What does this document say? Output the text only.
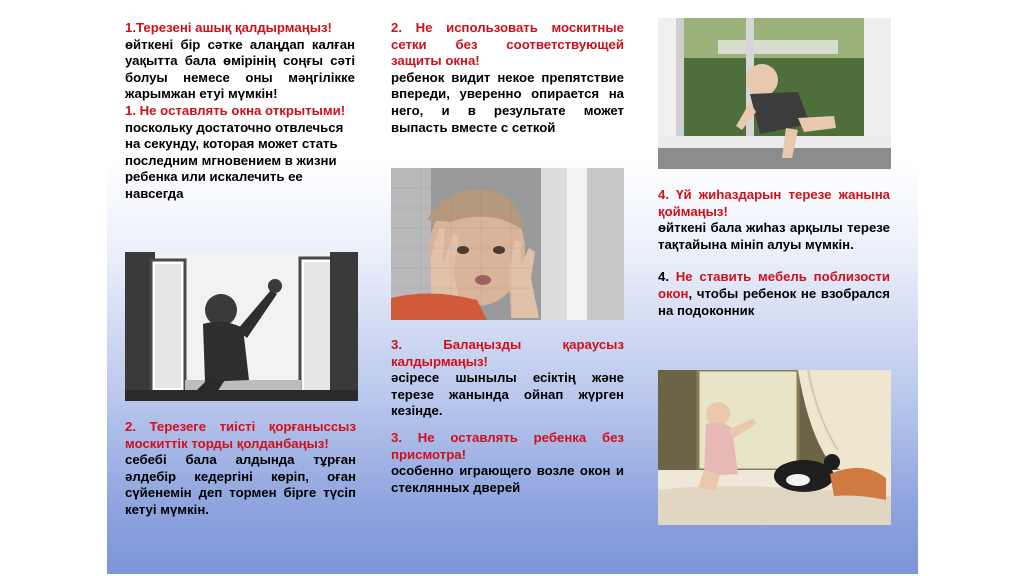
1.Терезені ашық қалдырмаңыз!
өйткені бір сәтке алаңдап калған уақытта бала өмірінің соңғы сәті болуы немесе оны мәңгілікке жарымжан етуі мүмкін!

1. Не оставлять окна открытыми!

поскольку достаточно отвлечься на секунду, которая может стать последним мгновением в жизни ребенка или искалечить ее навсегда

2. Терезеге тиісті қорғаныссыз москиттік торды қолданбаңыз!

себебі бала алдында тұрған әлдебір кедергіні көріп, оған сүйенемін деп тормен бірге түсіп кетуі мүмкін.

2. Не использовать москитные сетки без соответствующей защиты окна!

ребенок видит некое препятствие впереди, уверенно опирается на него, и в результате может выпасть вместе с сеткой

3. Балаңызды қараусыз калдырмаңыз!

әсіресе шынылы есіктің және терезе жанында ойнап жүрген кезінде.

3. Не оставлять ребенка без присмотра!

особенно играющего возле окон и стеклянных дверей

4. Үй жиһаздарын терезе жанына қоймаңыз!

өйткені бала жиһаз арқылы терезе тақтайына мініп алуы мүмкін.

4. Не ставить мебель поблизости окон, чтобы ребенок не взобрался на подоконник
